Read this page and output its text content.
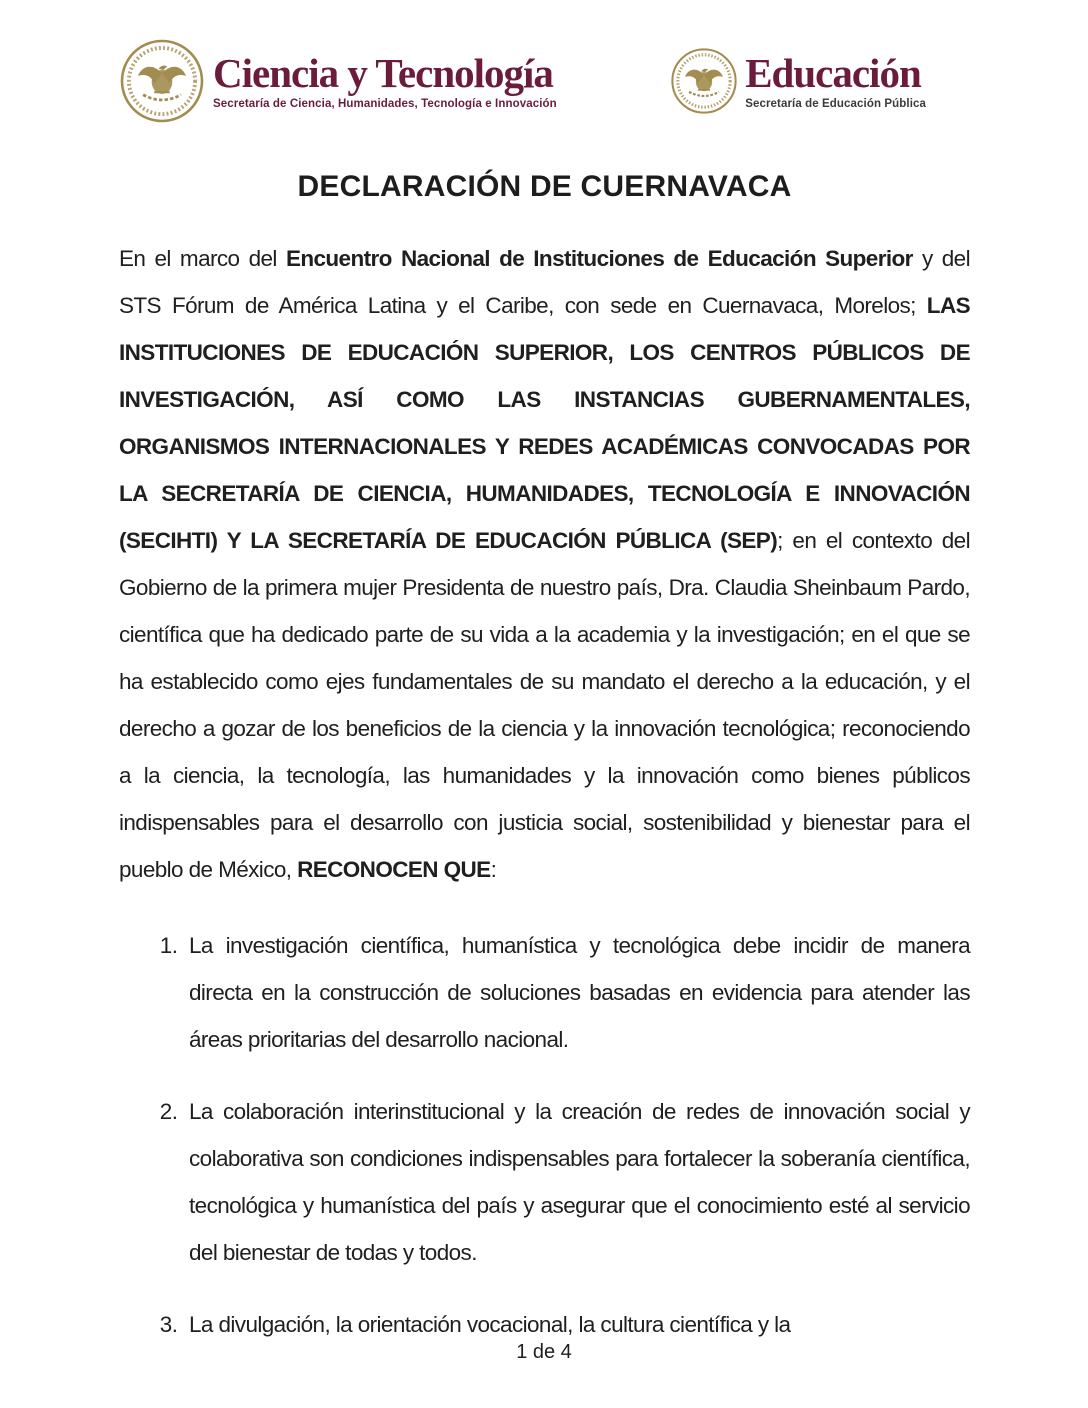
Ciencia y Tecnología
Secretaría de Ciencia, Humanidades, Tecnología e Innovación
Educación
Secretaría de Educación Pública
DECLARACIÓN DE CUERNAVACA

En el marco del Encuentro Nacional de Instituciones de Educación Superior y del STS Fórum de América Latina y el Caribe, con sede en Cuernavaca, Morelos; LAS INSTITUCIONES DE EDUCACIÓN SUPERIOR, LOS CENTROS PÚBLICOS DE INVESTIGACIÓN, ASÍ COMO LAS INSTANCIAS GUBERNAMENTALES, ORGANISMOS INTERNACIONALES Y REDES ACADÉMICAS CONVOCADAS POR LA SECRETARÍA DE CIENCIA, HUMANIDADES, TECNOLOGÍA E INNOVACIÓN (SECIHTI) Y LA SECRETARÍA DE EDUCACIÓN PÚBLICA (SEP); en el contexto del Gobierno de la primera mujer Presidenta de nuestro país, Dra. Claudia Sheinbaum Pardo, científica que ha dedicado parte de su vida a la academia y la investigación; en el que se ha establecido como ejes fundamentales de su mandato el derecho a la educación, y el derecho a gozar de los beneficios de la ciencia y la innovación tecnológica; reconociendo a la ciencia, la tecnología, las humanidades y la innovación como bienes públicos indispensables para el desarrollo con justicia social, sostenibilidad y bienestar para el pueblo de México, RECONOCEN QUE:

1. La investigación científica, humanística y tecnológica debe incidir de manera directa en la construcción de soluciones basadas en evidencia para atender las áreas prioritarias del desarrollo nacional.
2. La colaboración interinstitucional y la creación de redes de innovación social y colaborativa son condiciones indispensables para fortalecer la soberanía científica, tecnológica y humanística del país y asegurar que el conocimiento esté al servicio del bienestar de todas y todos.
3. La divulgación, la orientación vocacional, la cultura científica y la
1 de 4
